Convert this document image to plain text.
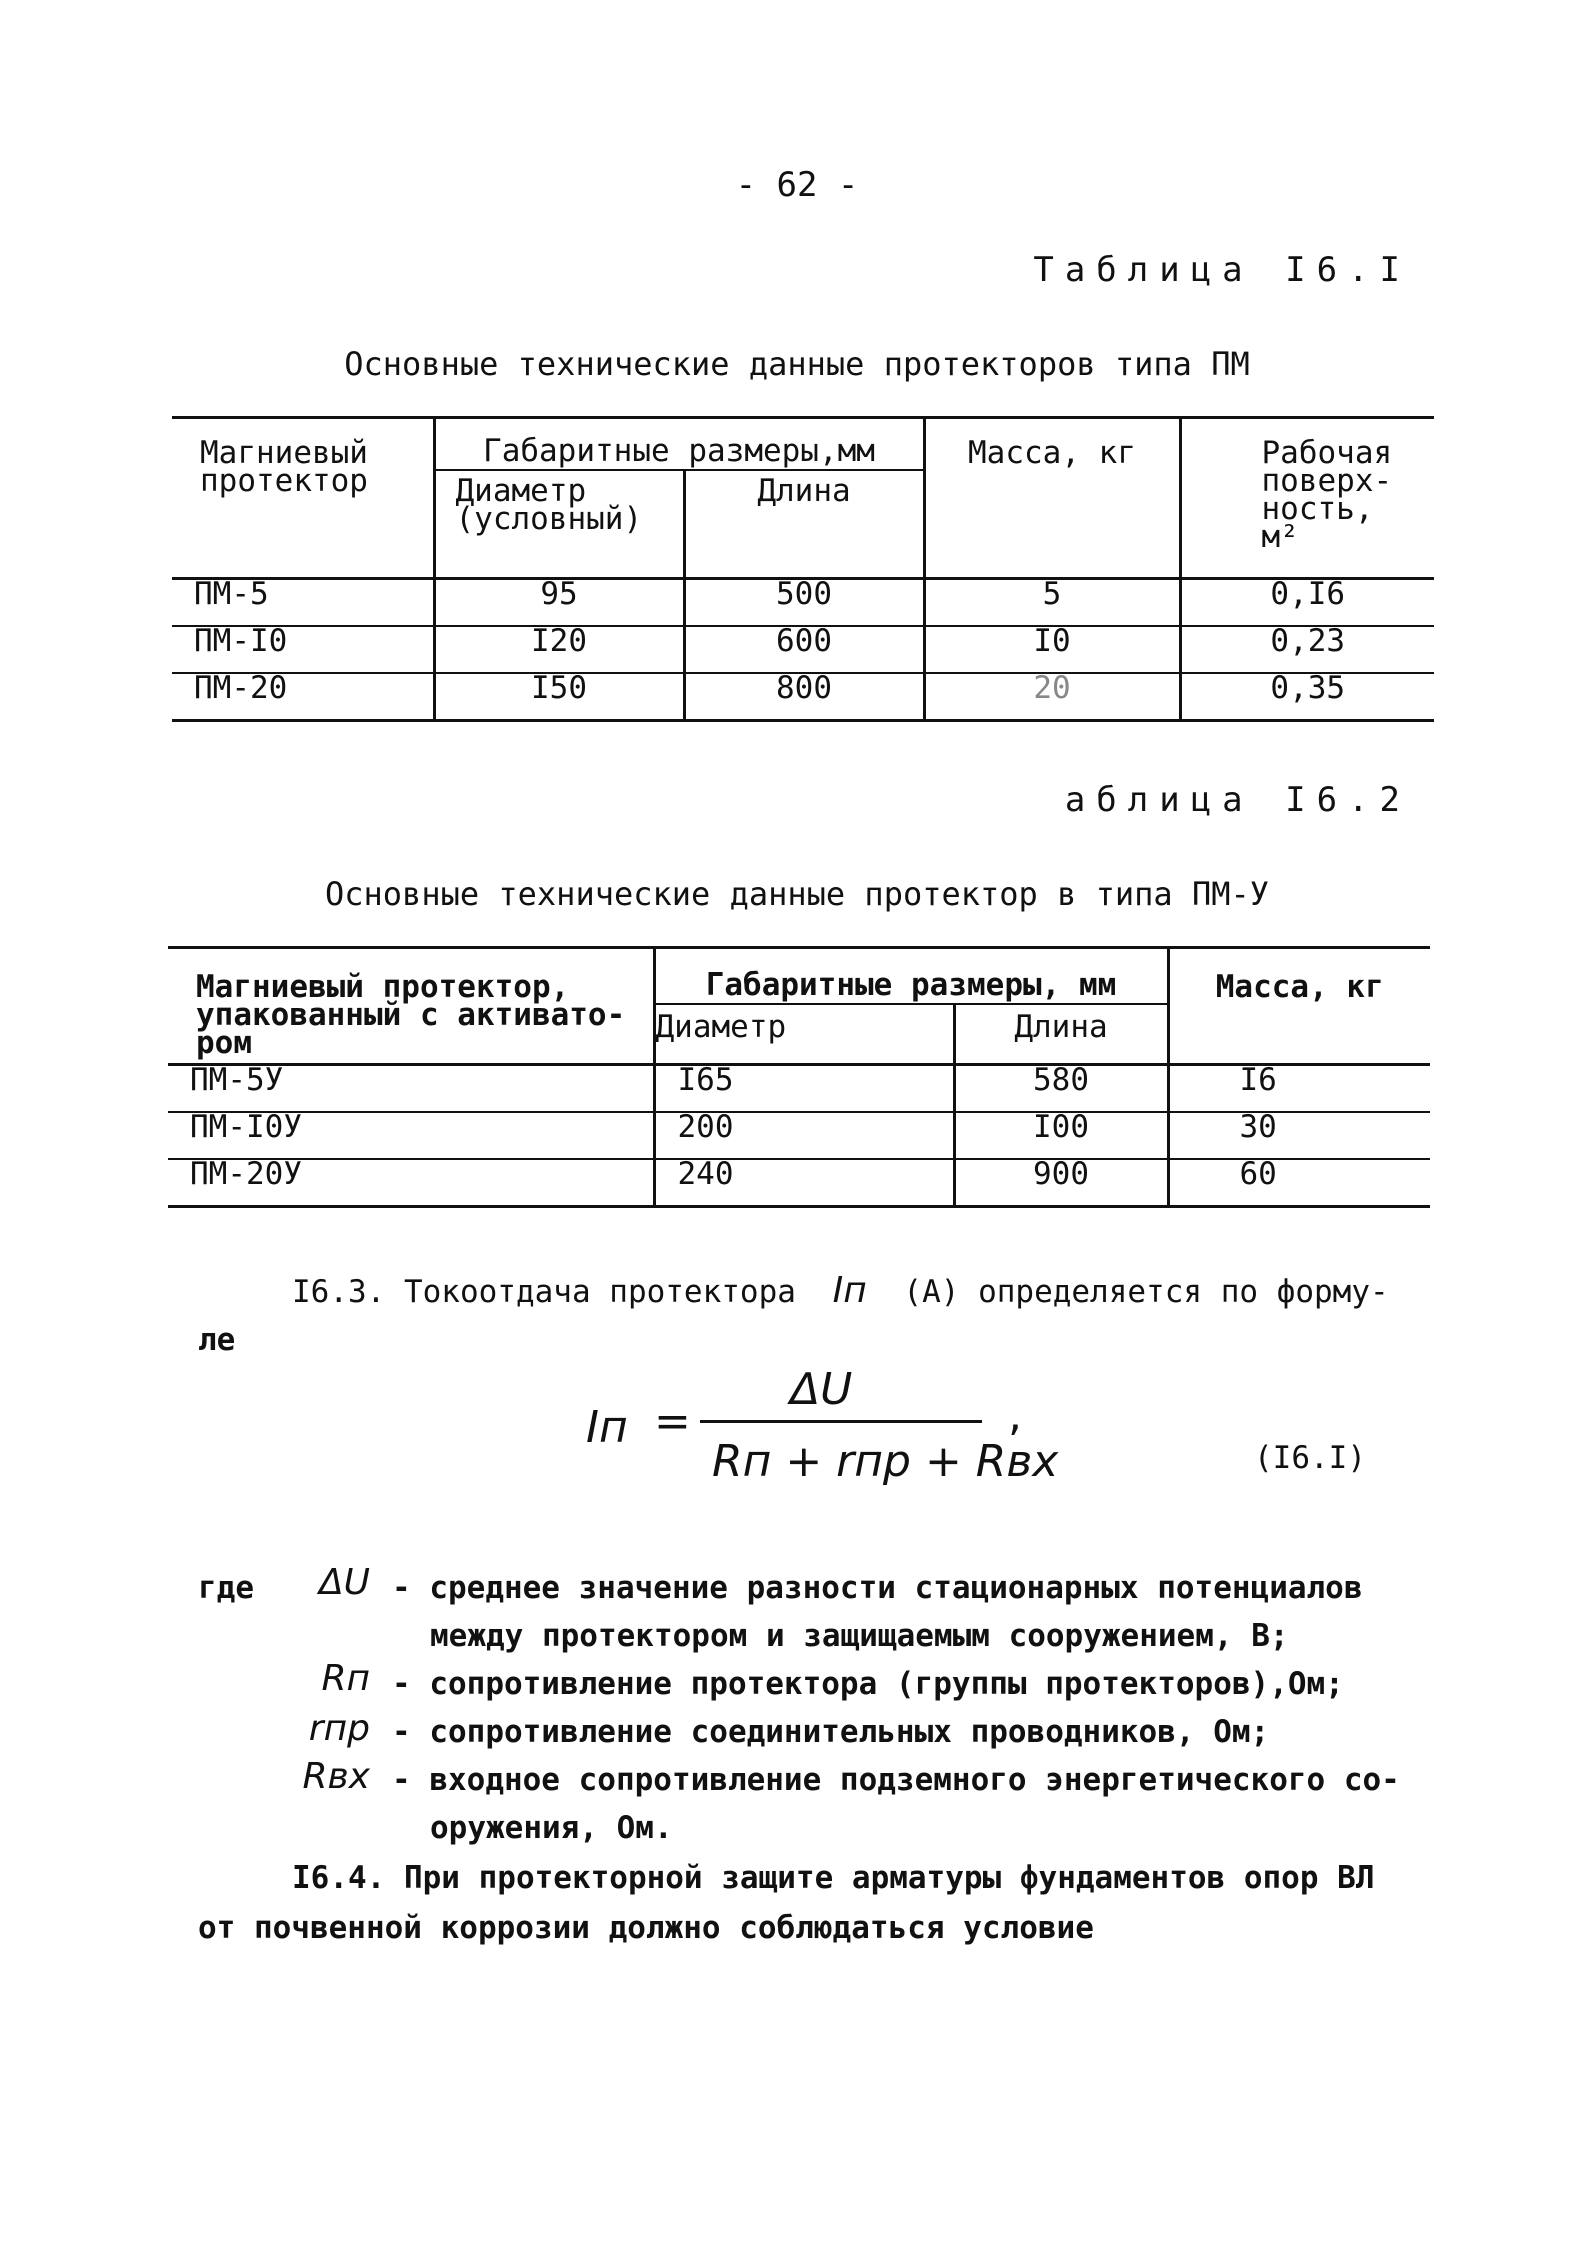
- 62 -
Таблица I6.I
Основные технические данные протекторов типа ПМ
Магниевый протектор	Габаритные размеры,мм		Масса, кг	Рабочая поверх-ность, м²
	Диаметр (условный)	Длина		
ПМ-5	95	500	5	0,I6
ПМ-I0	I20	600	I0	0,23
ПМ-20	I50	800	20	0,35
аблица I6.2
Основные технические данные протектор в типа ПМ-У
Магниевый протектор, упакованный с активато-ром	Габаритные размеры, мм		Масса, кг
	Диаметр	Длина	
ПМ-5У	I65	580	I6
ПМ-I0У	200	I00	30
ПМ-20У	240	900	60
I6.3. Токоотдача протектора Iп (А) определяется по форму-
ле
Iп =
ΔU
Rп + rпр + Rвх
,
(I6.I)
где	ΔU - среднее значение разности стационарных потенциалов
между протектором и защищаемым сооружением, В;
Rп - сопротивление протектора (группы протекторов),Ом;
rпр - сопротивление соединительных проводников, Ом;
Rвх - входное сопротивление подземного энергетического со-
оружения, Ом.
I6.4. При протекторной защите арматуры фундаментов опор ВЛ
от почвенной коррозии должно соблюдаться условие
